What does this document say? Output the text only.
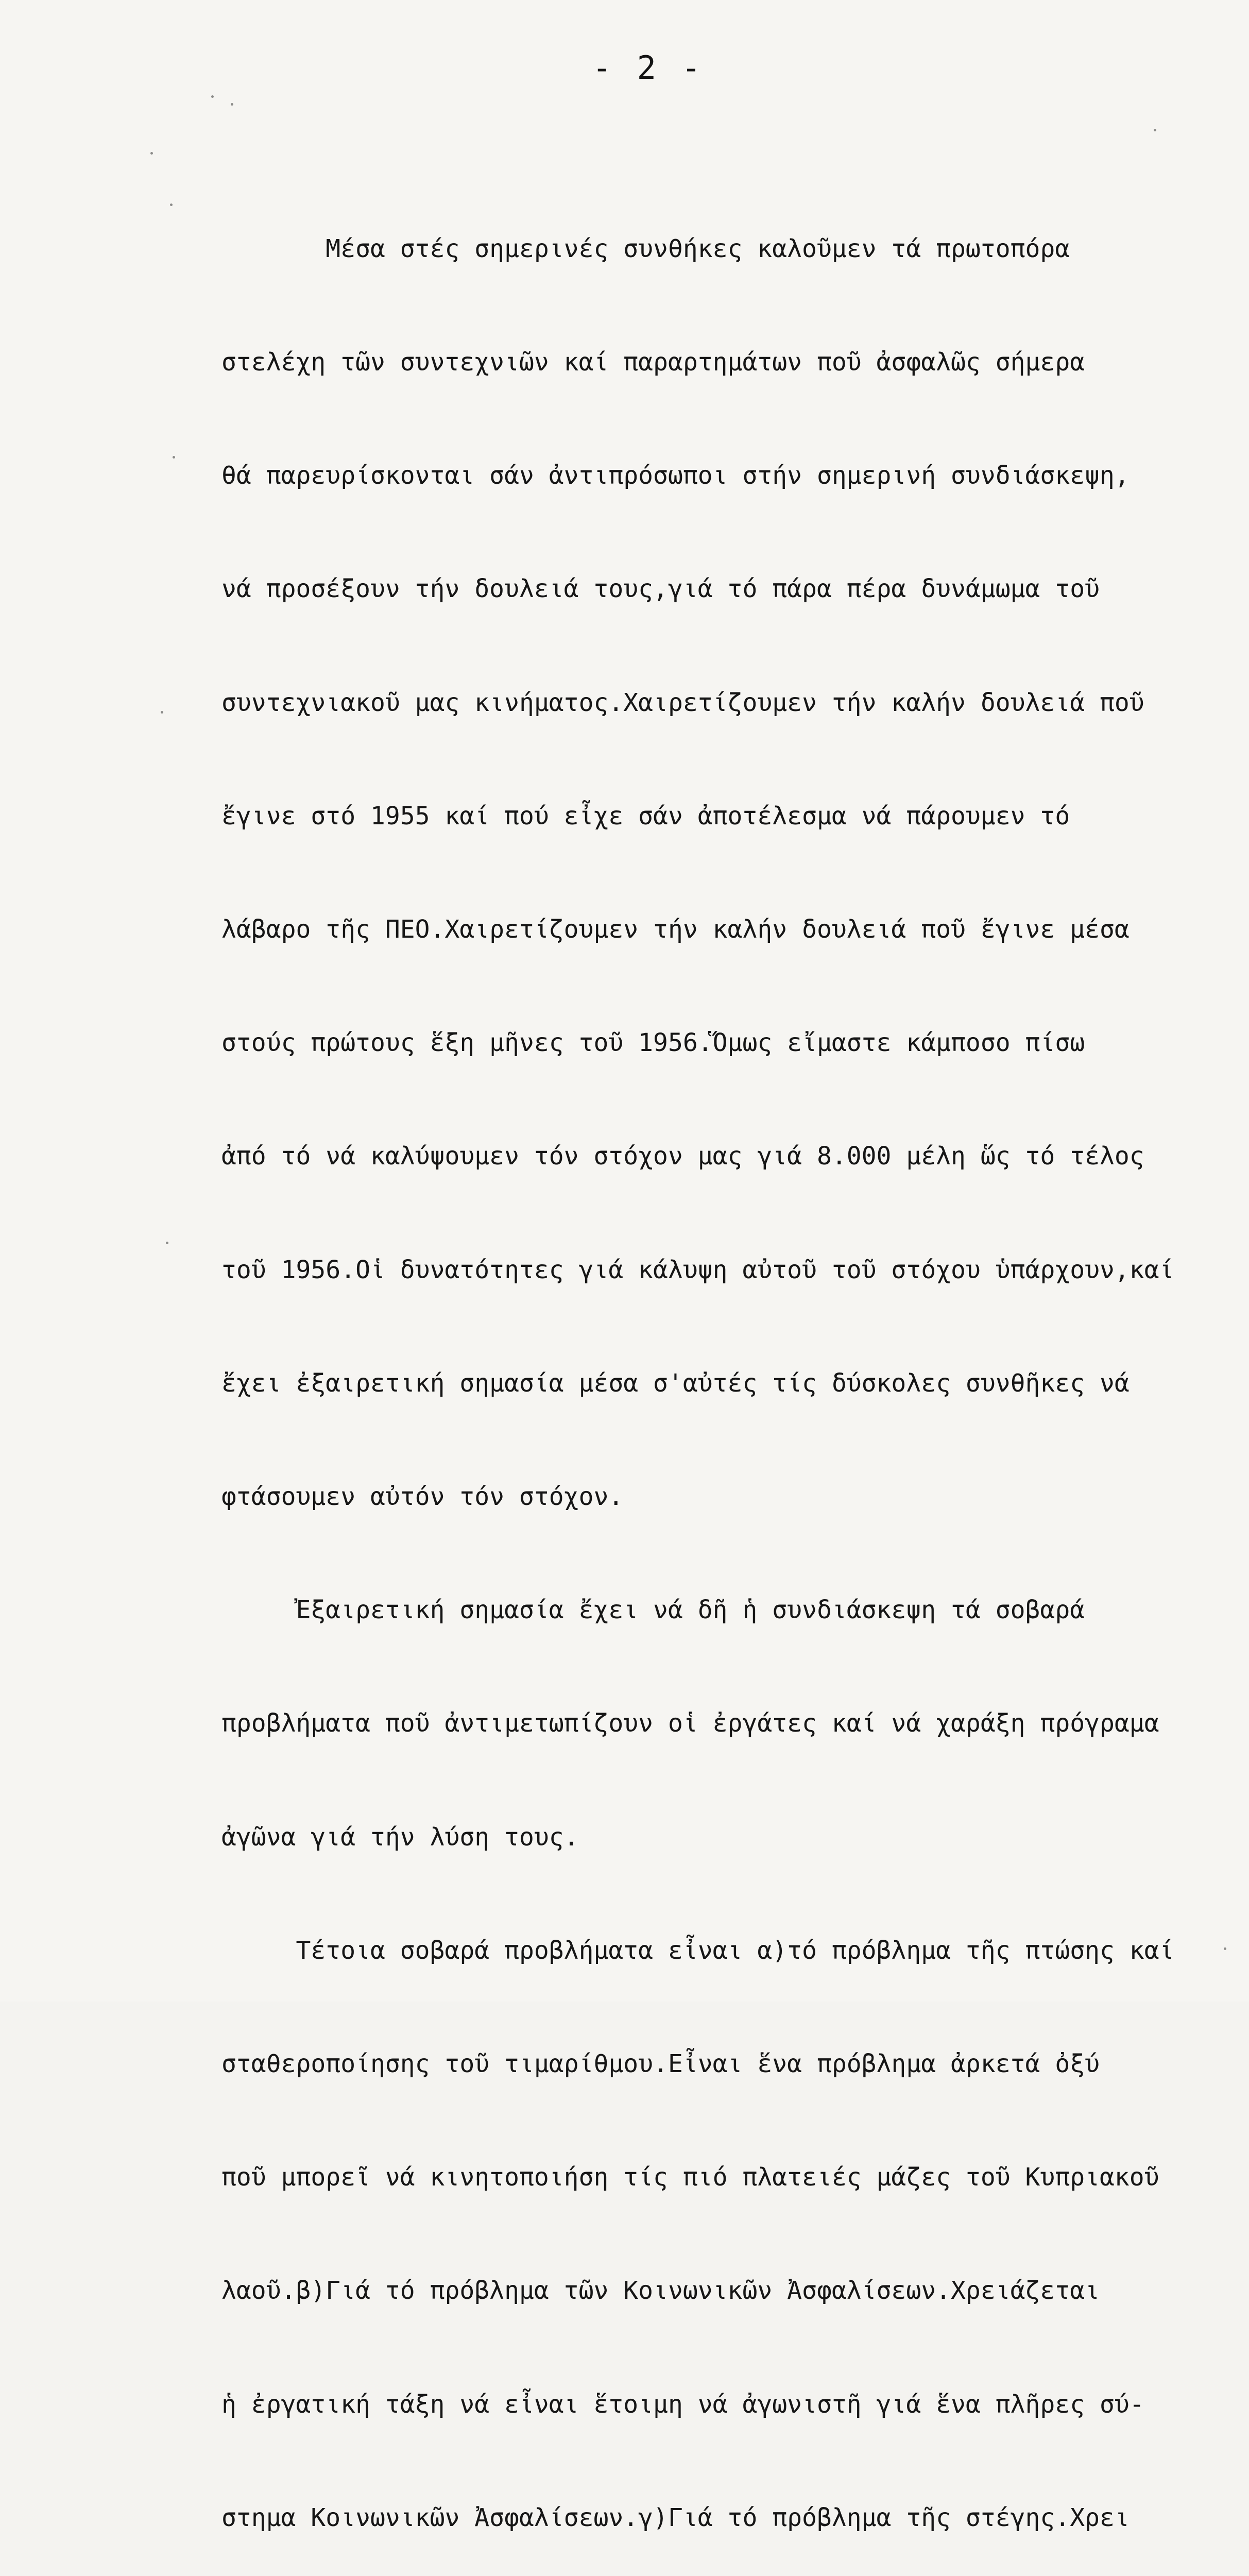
- 2 -

Μέσα στές σημερινές συνθήκες καλοῦμεν τά πρωτοπόρα

στελέχη τῶν συντεχνιῶν καί παραρτημάτων ποῦ ἀσφαλῶς σήμερα

θά παρευρίσκονται σάν ἀντιπρόσωποι στήν σημερινή συνδιάσκεψη,

νά προσέξουν τήν δουλειά τους,γιά τό πάρα πέρα δυνάμωμα τοῦ

συντεχνιακοῦ μας κινήματος.Χαιρετίζουμεν τήν καλήν δουλειά ποῦ

ἔγινε στό 1955 καί πού εἶχε σάν ἀποτέλεσμα νά πάρουμεν τό

λάβαρο τῆς ΠΕΟ.Χαιρετίζουμεν τήν καλήν δουλειά ποῦ ἔγινε μέσα

στούς πρώτους ἕξη μῆνες τοῦ 1956.Ὅμως εἴμαστε κάμποσο πίσω

ἀπό τό νά καλύψουμεν τόν στόχον μας γιά 8.000 μέλη ὥς τό τέλος

τοῦ 1956.Οἱ δυνατότητες γιά κάλυψη αὐτοῦ τοῦ στόχου ὑπάρχουν,καί

ἔχει ἐξαιρετική σημασία μέσα σ'αὐτές τίς δύσκολες συνθῆκες νά

φτάσουμεν αὐτόν τόν στόχον.

Ἐξαιρετική σημασία ἔχει νά δῆ ἡ συνδιάσκεψη τά σοβαρά

προβλήματα ποῦ ἀντιμετωπίζουν οἱ ἐργάτες καί νά χαράξη πρόγραμα

ἀγῶνα γιά τήν λύση τους.

Τέτοια σοβαρά προβλήματα εἶναι α)τό πρόβλημα τῆς πτώσης καί

σταθεροποίησης τοῦ τιμαρίθμου.Εἶναι ἕνα πρόβλημα ἀρκετά ὀξύ

ποῦ μπορεῖ νά κινητοποιήση τίς πιό πλατειές μάζες τοῦ Κυπριακοῦ

λαοῦ.β)Γιά τό πρόβλημα τῶν Κοινωνικῶν Ἀσφαλίσεων.Χρειάζεται

ἡ ἐργατική τάξη νά εἶναι ἕτοιμη νά ἀγωνιστῆ γιά ἕνα πλῆρες σύ-

στημα Κοινωνικῶν Ἀσφαλίσεων.γ)Γιά τό πρόβλημα τῆς στέγης.Χρει
